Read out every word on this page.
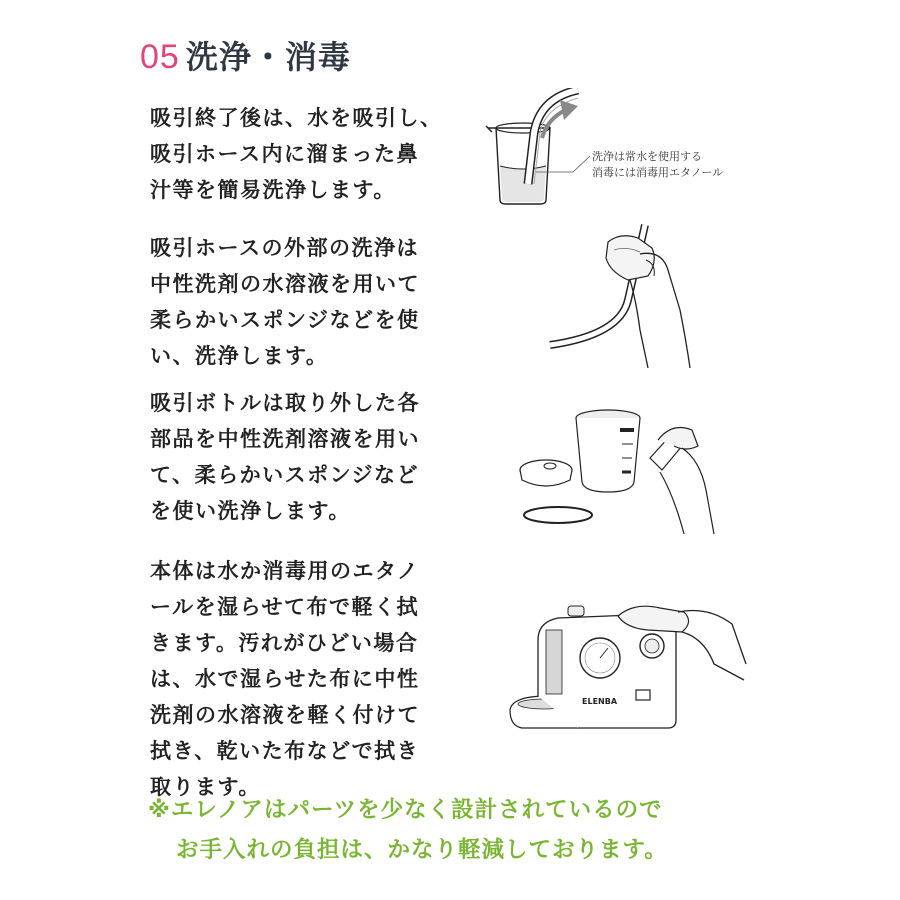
05 洗浄・消毒
吸引終了後は、水を吸引し、
吸引ホース内に溜まった鼻
汁等を簡易洗浄します。
洗浄は常水を使用する
消毒には消毒用エタノール
吸引ホースの外部の洗浄は
中性洗剤の水溶液を用いて
柔らかいスポンジなどを使
い、洗浄します。
吸引ボトルは取り外した各
部品を中性洗剤溶液を用い
て、柔らかいスポンジなど
を使い洗浄します。
本体は水か消毒用のエタノ
ールを湿らせて布で軽く拭
きます。汚れがひどい場合
は、水で湿らせた布に中性
洗剤の水溶液を軽く付けて
拭き、乾いた布などで拭き
取ります。
ELENBA
※エレノアはパーツを少なく設計されているので
お手入れの負担は、かなり軽減しております。
